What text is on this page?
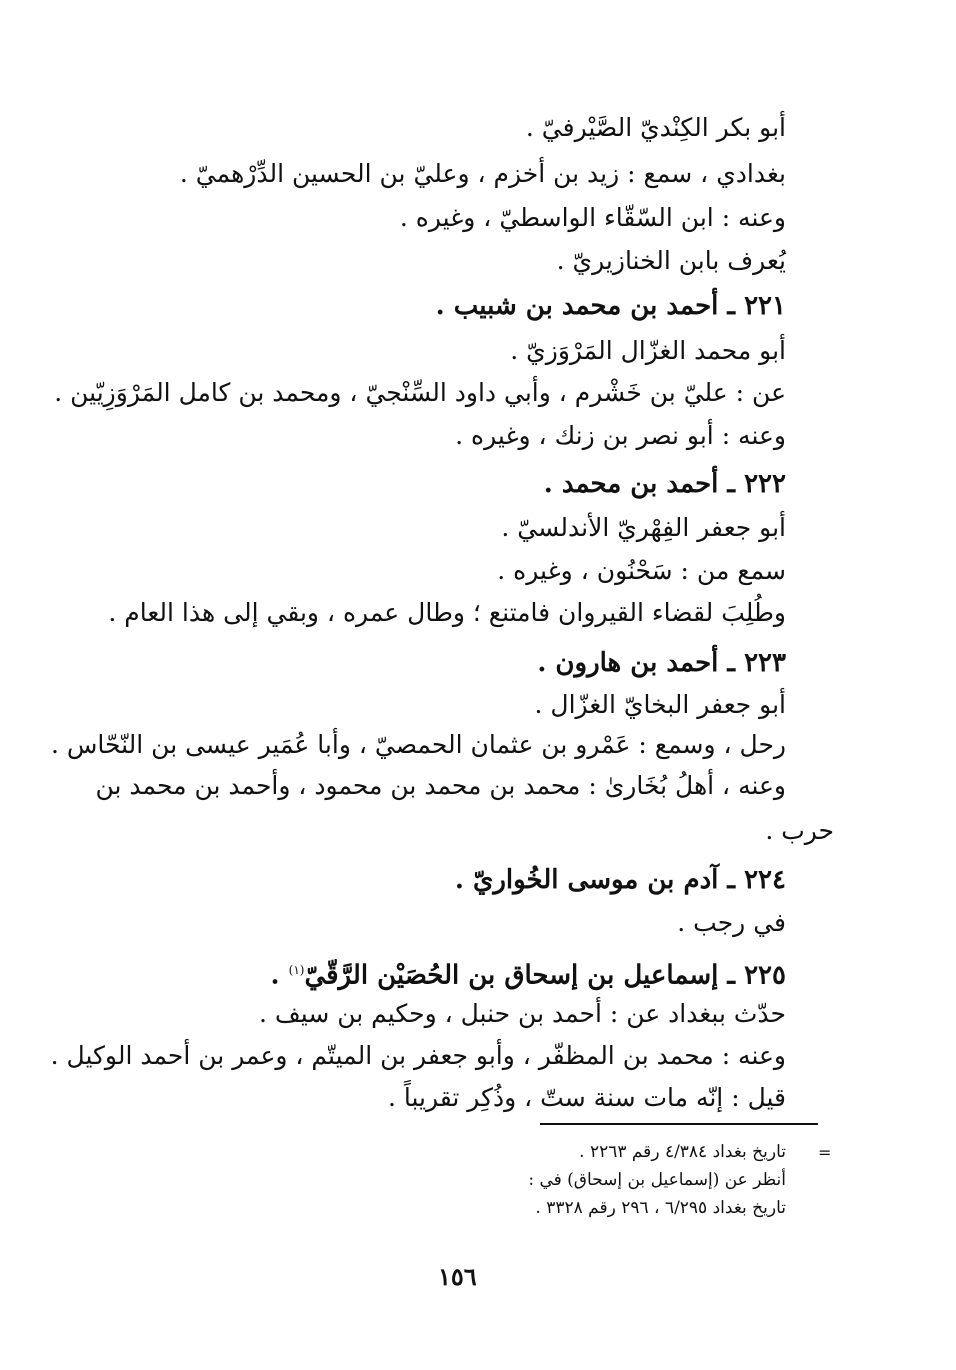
أبو بكر الكِنْديّ الصَّيْرفيّ .
بغدادي ، سمع : زيد بن أخزم ، وعليّ بن الحسين الدِّرْهميّ .
وعنه : ابن السّقّاء الواسطيّ ، وغيره .
يُعرف بابن الخنازيريّ .
٢٢١ ـ أحمد بن محمد بن شبيب .
أبو محمد الغزّال المَرْوَزيّ .
عن : عليّ بن خَشْرم ، وأبي داود السِّنْجيّ ، ومحمد بن كامل المَرْوَزِيّين .
وعنه : أبو نصر بن زنك ، وغيره .
٢٢٢ ـ أحمد بن محمد .
أبو جعفر الفِهْريّ الأندلسيّ .
سمع من : سَحْنُون ، وغيره .
وطُلِبَ لقضاء القيروان فامتنع ؛ وطال عمره ، وبقي إلى هذا العام .
٢٢٣ ـ أحمد بن هارون .
أبو جعفر البخايّ الغزّال .
رحل ، وسمع : عَمْرو بن عثمان الحمصيّ ، وأبا عُمَير عيسى بن النّحّاس .
وعنه ، أهلُ بُخَارىٰ : محمد بن محمد بن محمود ، وأحمد بن محمد بن
حرب .
٢٢٤ ـ آدم بن موسى الخُواريّ .
في رجب .
٢٢٥ ـ إسماعيل بن إسحاق بن الحُصَيْن الرَّقّيّ$^{(١)}$ .
حدّث ببغداد عن : أحمد بن حنبل ، وحكيم بن سيف .
وعنه : محمد بن المظفّر ، وأبو جعفر بن الميتّم ، وعمر بن أحمد الوكيل .
قيل : إنّه مات سنة ستّ ، وذُكِر تقريباً .
=
تاريخ بغداد ٤/٣٨٤ رقم ٢٢٦٣ .
أنظر عن (إسماعيل بن إسحاق) في :
تاريخ بغداد ٦/٢٩٥ ، ٢٩٦ رقم ٣٣٢٨ .
١٥٦
